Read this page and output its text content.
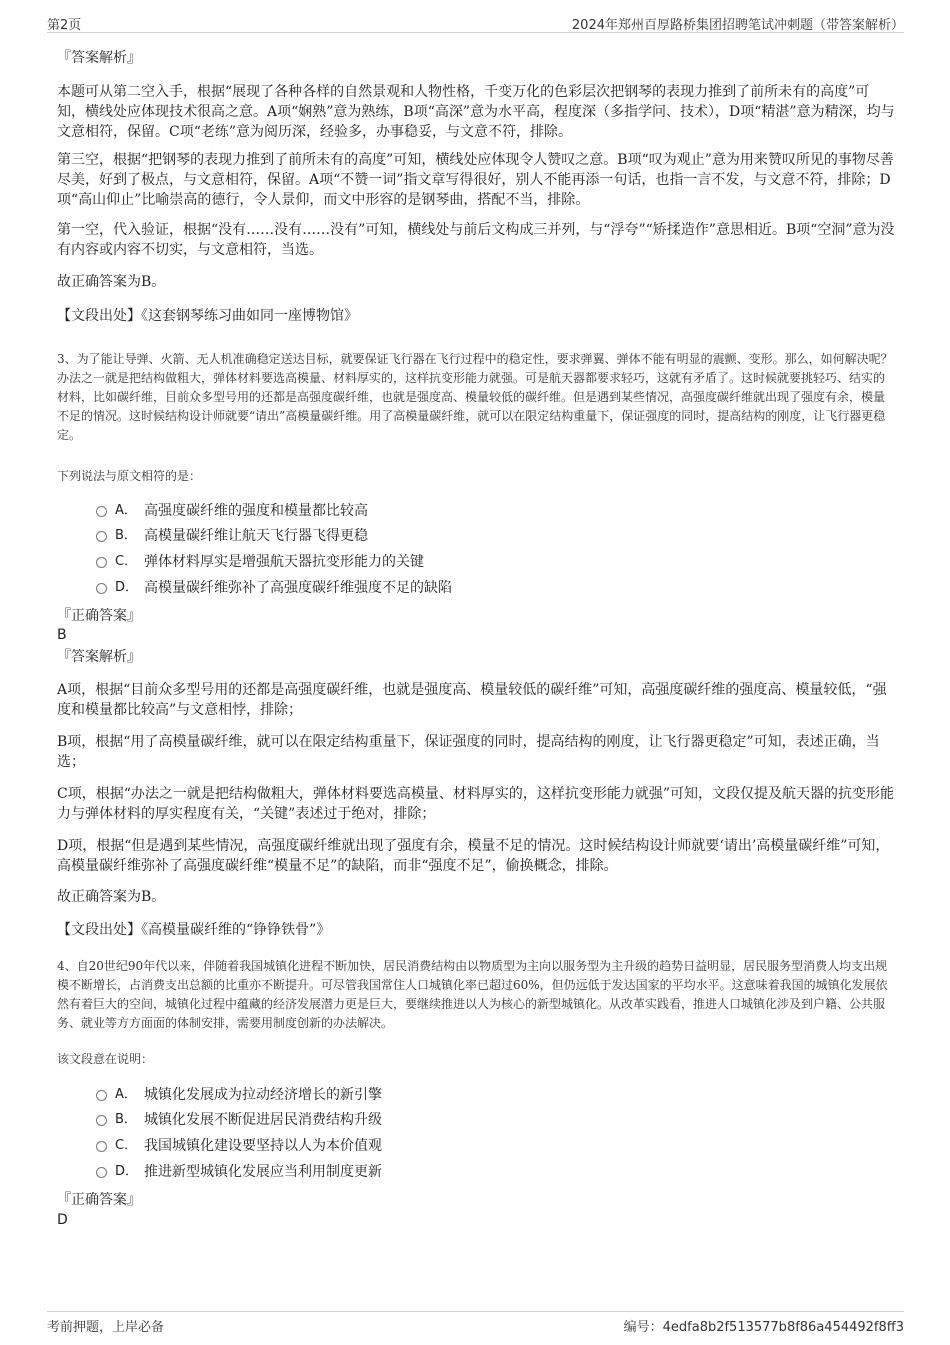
第2页	2024年郑州百厚路桥集团招聘笔试冲刺题（带答案解析）
『答案解析』

本题可从第二空入手，根据“展现了各种各样的自然景观和人物性格，千变万化的色彩层次把钢琴的表现力推到了前所未有的高度”可知，横线处应体现技术很高之意。A项“娴熟”意为熟练，B项“高深”意为水平高，程度深（多指学问、技术），D项“精湛”意为精深，均与文意相符，保留。C项“老练”意为阅历深，经验多，办事稳妥，与文意不符，排除。

第三空，根据“把钢琴的表现力推到了前所未有的高度”可知，横线处应体现令人赞叹之意。B项“叹为观止”意为用来赞叹所见的事物尽善尽美，好到了极点，与文意相符，保留。A项“不赞一词”指文章写得很好，别人不能再添一句话，也指一言不发，与文意不符，排除；D项“高山仰止”比喻崇高的德行，令人景仰，而文中形容的是钢琴曲，搭配不当，排除。

第一空，代入验证，根据“没有……没有……没有”可知，横线处与前后文构成三并列，与“浮夸”“矫揉造作”意思相近。B项“空洞”意为没有内容或内容不切实，与文意相符，当选。

故正确答案为B。

【文段出处】《这套钢琴练习曲如同一座博物馆》

3、为了能让导弹、火箭、无人机准确稳定送达目标，就要保证飞行器在飞行过程中的稳定性，要求弹翼、弹体不能有明显的震颤、变形。那么，如何解决呢？办法之一就是把结构做粗大，弹体材料要选高模量、材料厚实的，这样抗变形能力就强。可是航天器都要求轻巧，这就有矛盾了。这时候就要挑轻巧、结实的材料，比如碳纤维，目前众多型号用的还都是高强度碳纤维，也就是强度高、模量较低的碳纤维。但是遇到某些情况，高强度碳纤维就出现了强度有余，模量不足的情况。这时候结构设计师就要“请出”高模量碳纤维。用了高模量碳纤维，就可以在限定结构重量下，保证强度的同时，提高结构的刚度，让飞行器更稳定。

下列说法与原文相符的是：

A． 高强度碳纤维的强度和模量都比较高
B． 高模量碳纤维让航天飞行器飞得更稳
C． 弹体材料厚实是增强航天器抗变形能力的关键
D． 高模量碳纤维弥补了高强度碳纤维强度不足的缺陷
『正确答案』
B
『答案解析』

A项，根据“目前众多型号用的还都是高强度碳纤维，也就是强度高、模量较低的碳纤维”可知，高强度碳纤维的强度高、模量较低，“强度和模量都比较高”与文意相悖，排除；

B项，根据“用了高模量碳纤维，就可以在限定结构重量下，保证强度的同时，提高结构的刚度，让飞行器更稳定”可知，表述正确，当选；

C项，根据“办法之一就是把结构做粗大，弹体材料要选高模量、材料厚实的，这样抗变形能力就强”可知，文段仅提及航天器的抗变形能力与弹体材料的厚实程度有关，“关键”表述过于绝对，排除；

D项，根据“但是遇到某些情况，高强度碳纤维就出现了强度有余，模量不足的情况。这时候结构设计师就要‘请出’高模量碳纤维”可知，高模量碳纤维弥补了高强度碳纤维“模量不足”的缺陷，而非“强度不足”，偷换概念，排除。

故正确答案为B。

【文段出处】《高模量碳纤维的“铮铮铁骨”》

4、自20世纪90年代以来，伴随着我国城镇化进程不断加快，居民消费结构由以物质型为主向以服务型为主升级的趋势日益明显，居民服务型消费人均支出规模不断增长，占消费支出总额的比重亦不断提升。可尽管我国常住人口城镇化率已超过60%，但仍远低于发达国家的平均水平。这意味着我国的城镇化发展依然有着巨大的空间，城镇化过程中蕴藏的经济发展潜力更是巨大，要继续推进以人为核心的新型城镇化。从改革实践看，推进人口城镇化涉及到户籍、公共服务、就业等方方面面的体制安排，需要用制度创新的办法解决。

该文段意在说明：

A． 城镇化发展成为拉动经济增长的新引擎
B． 城镇化发展不断促进居民消费结构升级
C． 我国城镇化建设要坚持以人为本价值观
D． 推进新型城镇化发展应当利用制度更新
『正确答案』
D
考前押题，上岸必备	编号：4edfa8b2f513577b8f86a454492f8ff3
